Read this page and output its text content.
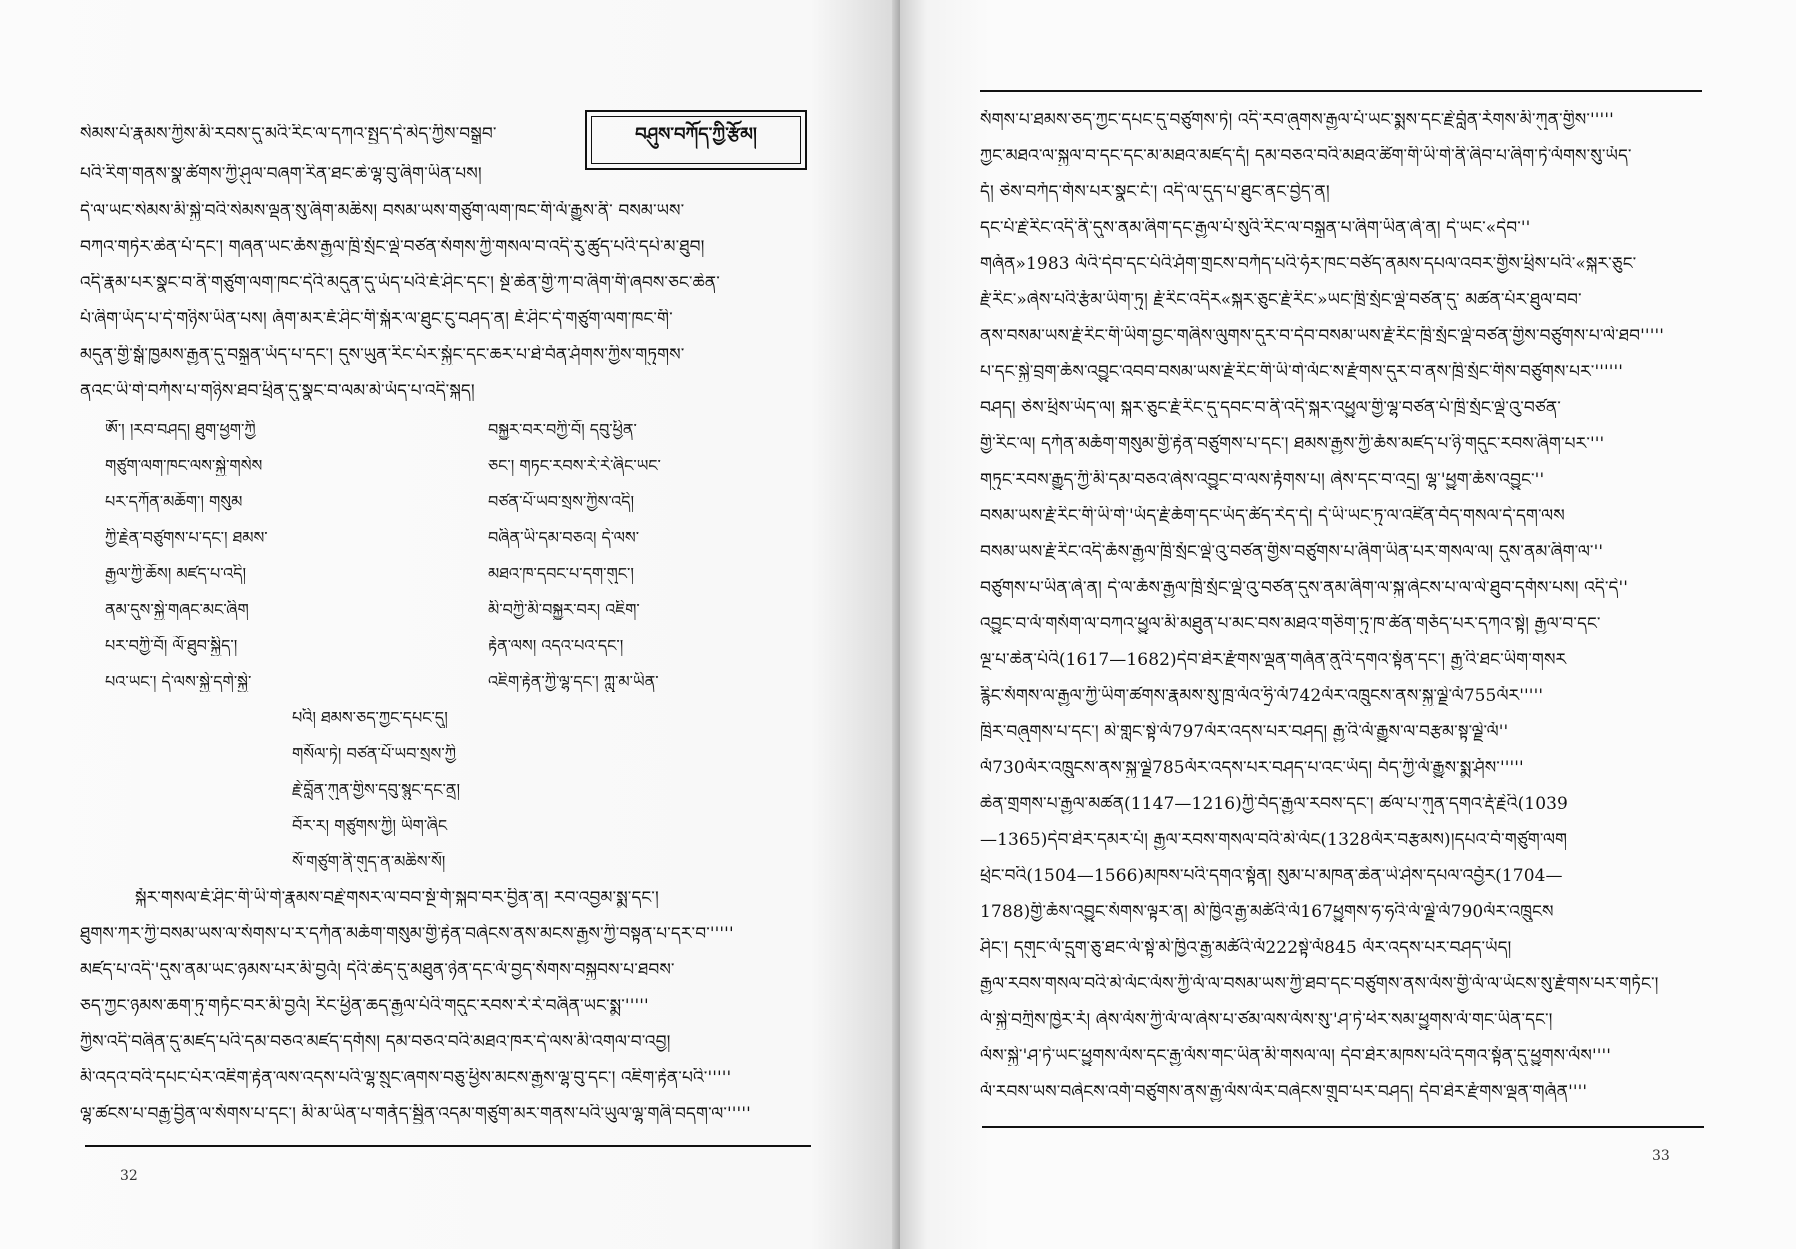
བཤུས་བཀོད་ཀྱི་རྩོམ།
སེམས་པོ་རྣམས་ཀྱིས་མི་རབས་དུ་མའི་རིང་ལ་དཀའ་སྤྱད་དེ་མེད་ཀྱིས་བསྒྲུབ་
པའི་རིག་གནས་སྣ་ཚོགས་ཀྱི་ཤུལ་བཞག་རིན་ཐང་ཆེ་ལྷ་བུ་ཞིག་ཡིན་པས།
དེ་ལ་ཡང་སེམས་མི་སྐྱེ་བའི་སེམས་ལྡན་སུ་ཞིག་མཆིས། བསམ་ཡས་གཙུག་ལག་ཁང་གི་ལོ་རྒྱུས་ནི་ བསམ་ཡས་
བཀའ་གཏེར་ཆེན་པོ་དང་། གཞན་ཡང་ཆོས་རྒྱལ་ཁྲི་སྲོང་ལྡེ་བཙན་སོགས་ཀྱི་གསལ་བ་འདི་རུ་ཚུད་པའི་དཔེ་མ་ཐུབ།
འདི་རྣམ་པར་སྣང་བ་ནི་གཙུག་ལག་ཁང་དེའི་མདུན་དུ་ཡོད་པའི་ཇོ་ཤིང་དང་། སྔོ་ཆེན་གྱི་ཀ་བ་ཞིག་གི་ཞབས་ཅང་ཆེན་
པོ་ཞིག་ཡོད་པ་དེ་གཉིས་ཡིན་པས། ཞོག་མར་ཇོ་ཤིང་གི་སྐོར་ལ་ཐུང་ངུ་བཤད་ན། ཇོ་ཤིང་དེ་གཙུག་ལག་ཁང་གི་
མདུན་གྱི་སྒོ་ཁྱམས་རྒྱན་དུ་བསྐྲུན་ཡོད་པ་དང་། དུས་ཡུན་རིང་པོར་སྐྱོང་དང་ཆར་པ་ཐེ་བོན་ཤོགས་ཀྱིས་གཏུགས་
ནའང་ཡི་གེ་བཀོས་པ་གཉིས་ཐབ་ཕྲིན་དུ་སྣང་བ་ལམ་མེ་ཡོད་པ་འདི་སྐད།
ༀ་། །རབ་བཤད། ཐུག་ཕྱག་ཀྱི
གཙུག་ལག་ཁང་ལས་སྐྱེ་གསེས
པར་དཀོན་མཆོག་། གསུམ
ཀྱི་རྗེན་བཙུགས་པ་དང་། ཐམས་
རྒྱལ་ཀྱི་ཆོས། མཛད་པ་འདི།
ནམ་དུས་སྐྱེ་གཞང་མང་ཞིག
པར་བཀྱི་བོ། ལོ་ཐུབ་སྐྱིད་།
པའ་ཡང་། དེ་ལས་སྐྱེ་དགེ་སྐྱེ་
བསྐྱུར་བར་བཀྱི་བོ། དབུ་ཕྱིན་
ཅང་། གཏང་རབས་རེ་རེ་ཞིང་ཡང་
བཙན་པོ་ཡབ་སྲས་ཀྱིས་འདི།
བཞིན་ཡི་དམ་བཅའ། དེ་ལས་
མཐའ་ཁ་དབང་པ་དག་གུང་།
མི་བཀྱི་མི་བསྐྱུར་བར། འཇིག་
རྟེན་ལས། འདའ་པའ་དང་།
འཇིག་རྟེན་ཀྱི་ལྷ་དང་། ཀླུ་མ་ཡིན་
པའི། ཐམས་ཅད་ཀྱང་དཔང་དུ།
གསོལ་ཏེ། བཙན་པོ་ཡབ་སྲས་ཀྱི
རྗེ་བློན་ཀུན་གྱིས་དབུ་སྙུང་དང་ནྲ།
བོར་ར། གཙུགས་ཀྱི། ཡིག་ཞིང
སོ་གཙུག་ནི་གུད་ན་མཆིས་སོ།
སྐོར་གསལ་ཇོ་ཤིང་གི་ཡི་གེ་རྣམས་བརྗེ་གསར་ལ་བབ་སྔོ་གོ་སྐབ་བར་བྱིན་ན། རབ་འབྱམ་སྨྲ་དང་།
ཐུགས་ཀར་ཀྱི་བསམ་ཡས་ལ་སོགས་པ་ར་དཀོན་མཆོག་གསུམ་གྱི་རྟེན་བཞེངས་ནས་མངས་རྒྱས་ཀྱི་བསྟན་པ་དར་བ་'''''
མཛད་པ་འདི་'དུས་ནམ་ཡང་ཉམས་པར་མི་བྱའོ། དེའི་ཆེད་དུ་མཐུན་ཉེན་དང་ལོ་བྱད་སོགས་བསྐྱབས་པ་ཐབས་
ཅད་ཀྱང་ཉམས་ཆག་ཏུ་གཏོང་བར་མི་བྱའོ། རིང་ཕྱིན་ཆད་རྒྱལ་པོའི་གདུང་རབས་རེ་རེ་བཞིན་ཡང་སྨྲ་'''''
ཀྱིས་འདི་བཞིན་དུ་མཛད་པའི་དམ་བཅའ་མཛད་དགོས། དམ་བཅའ་བའི་མཐའ་ཁར་དེ་ལས་མི་འགལ་བ་འབྱ།
མི་འདའ་བའི་དཔང་པོར་འཇིག་རྟེན་ལས་འདས་པའི་ལྷ་སྲུང་ཞགས་བཅུ་ཕྱིས་མངས་རྒྱས་ལྷ་བུ་དང་། འཇིག་རྟེན་པའི་'''''
ལྷ་ཚངས་པ་བརྒྱ་བྱིན་ལ་སོགས་པ་དང་། མི་མ་ཡིན་པ་གནོད་སྦྱིན་འདམ་གཙུག་མར་གནས་པའི་ཡུལ་ལྷ་གཞི་བདག་ལ་'''''
32
སོགས་པ་ཐམས་ཅད་ཀྱང་དཔང་དུ་བཙུགས་ཏེ། འདི་རབ་ཞུགས་རྒྱལ་པོ་ཡང་སྨྲས་དང་རྗེ་བློན་རོགས་མི་ཀུན་གྱིས་'''''
ཀྱང་མཐའ་ལ་སྐྱལ་བ་དང་དང་མ་མཐའ་མཛད་དོ། དམ་བཅའ་བའི་མཐའ་ཚིག་གི་ཡི་གེ་ནི་ཞིབ་པ་ཞིག་ཏེ་ལོགས་སུ་ཡོད་
དོ། ཅེས་བཀོད་གོས་པར་སྣང་ངོ་། འདི་ལ་དུད་པ་ཐུང་ནང་བྱེད་ན།
དང་པོ་རྗེ་རིང་འདི་ནི་དུས་ནམ་ཞིག་དང་རྒྱལ་པོ་སུའི་རིང་ལ་བསྐྲུན་པ་ཞིག་ཡིན་ཞེ་ན། དེ་ཡང་«དེབ་''
གཞོན»1983 ལོའི་དེབ་དང་པོའི་ཤོག་གྲངས་བཀོད་པའི་ཧོར་ཁང་བཙོད་ནམས་དཔལ་འབར་གྱིས་ཕྲིས་པའི་«སྐར་ཅུང་
རྗོ་རིང་»ཞེས་པའི་རྩོམ་ཡིག་ཏུ། རྗོ་རིང་འདིར«སྐར་ཅུང་རྗོ་རིང་»ཡང་ཁྲི་སྲོང་ལྡེ་བཙན་དུ་ མཚན་པོར་ཐུལ་བབ་
ནས་བསམ་ཡས་རྗོ་རིང་གི་ཡིག་བྱང་གཞིས་ལུགས་དུར་བ་དེབ་བསམ་ཡས་རྗོ་རིང་ཁྲི་སྲོང་ལྡེ་བཙན་གྱིས་བཙུགས་པ་ལེ་ཐབ'''''
པ་དང་སྐྱེ་བྲག་ཆོས་འབྱུང་འབབ་བསམ་ཡས་རྗོ་རིང་གི་ཡི་གེ་ལོང་ས་རྫོགས་དུར་བ་ནས་ཁྲི་སྲོང་གིས་བཙུགས་པར་''''''
བཤད། ཅེས་ཕྲིས་ཡོད་ལ། སྐར་ཅུང་རྗོ་རིང་དུ་དབང་བ་ནི་འདི་སྐར་འཕྱུལ་གྱི་ལྷ་བཙན་པོ་ཁྲི་སྲོང་ལྡེ་འུ་བཙན་
གྱི་རིང་ལ། དཀོན་མཆོག་གསུམ་གྱི་རྟེན་བཙུགས་པ་དང་། ཐམས་རྒྱས་ཀྱི་ཆོས་མཛད་པ་ཉི་གདུང་རབས་ཞིག་པར་'''
གཏུང་རབས་རྒྱུད་ཀྱི་མི་དམ་བཅའ་ཞེས་འབྱུང་བ་ལས་རྟོགས་པ། ཞེས་དང་བ་འདྲ། ལྷ་'ཕྱུག་ཆོས་འབྱུང་''
བསམ་ཡས་རྗོ་རིང་གི་ཡི་གེ་'ཡོད་རྗོ་ཆོག་དང་ཡོད་ཚོད་རེད་དེ། དེ་ཡི་ཡང་ཏུ་ལ་འཛིན་བོད་གསལ་དེ་དག་ལས
བསམ་ཡས་རྗོ་རིང་འདི་ཆོས་རྒྱལ་ཁྲི་སྲོང་ལྡེ་འུ་བཙན་གྱིས་བཙུགས་པ་ཞིག་ཡིན་པར་གསལ་ལ། དུས་ནམ་ཞིག་ལ་''
བཙུགས་པ་ཡིན་ཞེ་ན། དེ་ལ་ཆོས་རྒྱལ་ཁྲི་སྲོང་ལྡེ་འུ་བཙན་དུས་ནམ་ཞིག་ལ་སྐུ་ཞེངས་པ་ལ་ལེ་ཐུབ་དགོས་པས། འདི་དེ''
འབྱུང་བ་ལོ་གསོག་ལ་བཀའ་ཕྱུལ་མི་མཐུན་པ་མང་བས་མཐའ་གཅིག་ཏུ་ཁ་ཚོན་གཅོད་པར་དཀའ་སྟེ། རྒྱལ་བ་དང་
ལྔ་པ་ཆེན་པོའི(1617—1682)དེབ་ཐེར་རྫོགས་ལྡན་གཞོན་ནུའི་དགའ་སྟོན་དང་། རྒྱ་འི་ཐང་ཡིག་གསར
རྙིང་སོགས་ལ་རྒྱལ་ཀྱི་ཡིག་ཚགས་རྣམས་སུ་ཁྲ་ལོའ་ཧྲི་ལོ742ལོར་འཁྲུངས་ནས་སྐྱ་ལྗེ་ལོ755ལོར'''''
ཁྲིར་བཞུགས་པ་དང་། མེ་གླང་སྟེ་ལོ797ལོར་འདས་པར་བཤད། རྒྱ་འི་ལོ་རྒྱུས་ལ་བརྩམ་སྟ་ལྗེ་ལོ''
ལོ730ལོར་འཁྲུངས་ནས་སྐྱ་ལྗེ785ལོར་འདས་པར་བཤད་པ་འང་ཡོད། བོད་ཀྱི་ལོ་རྒྱུས་སྨྲ་ཤོས་'''''
ཆེན་གྲགས་པ་རྒྱལ་མཚན(1147—1216)ཀྱི་བོད་རྒྱལ་རབས་དང་། ཚལ་པ་ཀུན་དགའ་རྡོ་རྗེའི(1039
—1365)དེབ་ཐེར་དམར་པོ། རྒྱལ་རབས་གསལ་བའི་མེ་ལོང(1328ལོར་བརྩམས)།དཔའ་བོ་གཙུག་ལག
ཕྲེང་བའི(1504—1566)མཁས་པའི་དགའ་སྟོན། སུམ་པ་མཁན་ཆེན་ཡེ་ཤེས་དཔལ་འབྱོར(1704—
1788)གྱི་ཆོས་འབྱུང་སོགས་ལྟར་ན། མེ་ཁྱིའ་རྒྱ་མཚོའི་ལོ167ཕྱུགས་ཧ་ཧའི་ལོ་ལྗེ་ལོ790ལོར་འཁྲུངས
ཤིང་། དགུང་ལོ་དྲུག་ཅུ་ཐང་ལོ་སྟེ་མེ་ཁྱིའ་རྒྱ་མཚོའི་ལོ222སྟེ་ལོ845 ལོར་འདས་པར་བཤད་ཡོད།
རྒྱལ་རབས་གསལ་བའི་མེ་ལོང་ལོས་ཀྱི་ལོ་ལ་བསམ་ཡས་ཀྱི་ཐབ་དང་བཙུགས་ནས་ལོས་གྱི་ལོ་ལ་ཡོངས་སུ་རྫོགས་པར་གཏོང་།
ལོ་སྐྱེ་བཀྲིས་ཁྱེར་རོ། ཞེས་ལོས་ཀྱི་ལོ་ལ་ཞེས་པ་ཙམ་ལས་ལོས་སུ་'ཤ་ཏེ་ཕེར་སམ་ཕྱུགས་ལོ་གང་ཡིན་དང་།
ལོས་སྐྱེ་'ཤ་ཏེ་ཡང་ཕྱུགས་ལོས་དང་རྒྱ་ལོས་གང་ཡིན་མི་གསལ་ལ། དེབ་ཐེར་མཁས་པའི་དགའ་སྟོན་དུ་ཕྱུགས་ལོས''''
ལོ་རབས་ཡས་བཞེངས་འགོ་བཙུགས་ནས་རྒྱ་ལོས་ལོར་བཞེངས་གྲུབ་པར་བཤད། དེབ་ཐེར་རྫོགས་ལྡན་གཞོན''''
33
